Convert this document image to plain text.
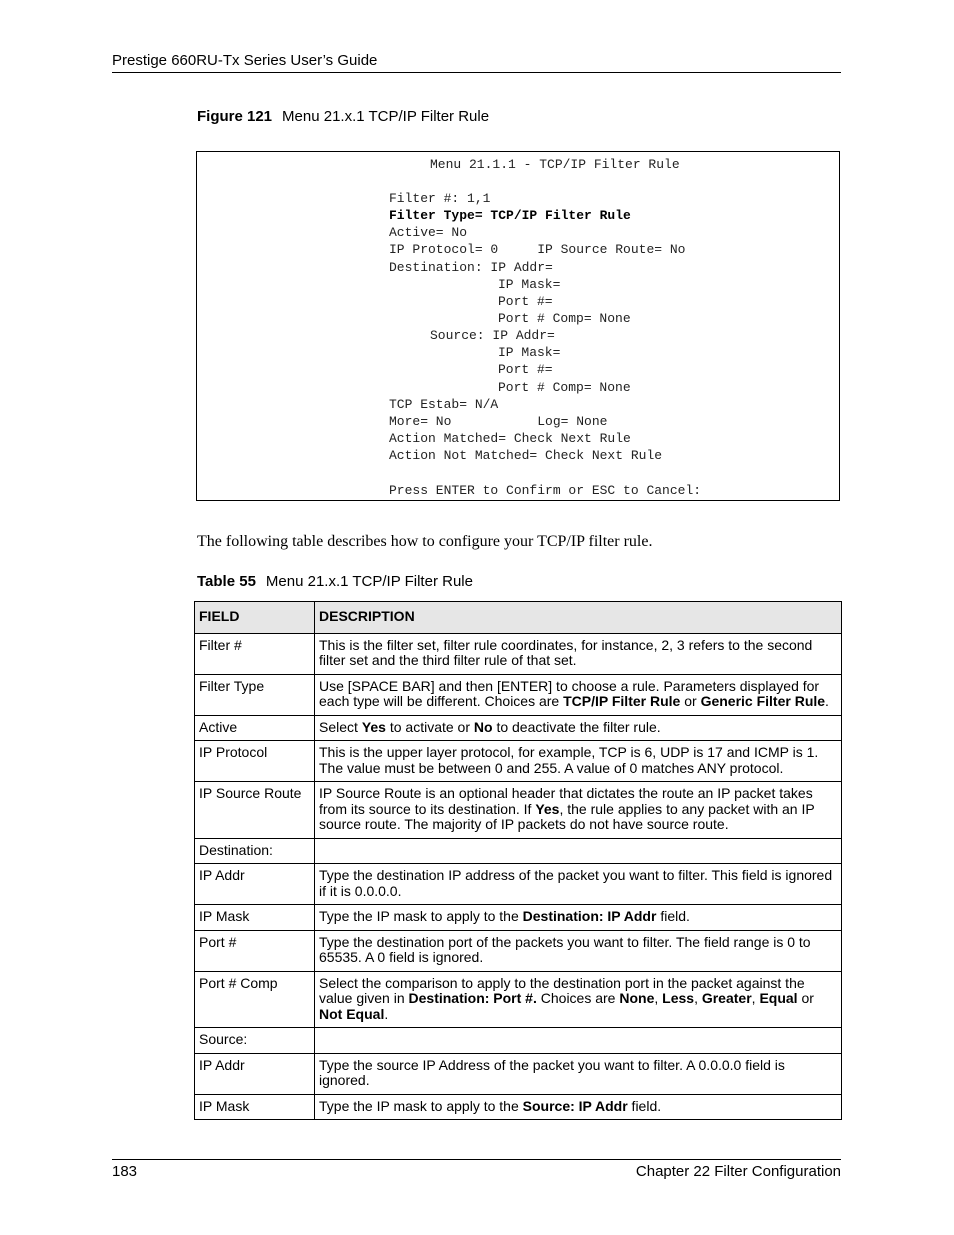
Prestige 660RU-Tx Series User’s Guide
Figure 121 Menu 21.x.1 TCP/IP Filter Rule
Menu 21.1.1 - TCP/IP Filter Rule
Filter #: 1,1
Filter Type= TCP/IP Filter Rule
Active= No
IP Protocol= 0     IP Source Route= No
Destination: IP Addr=
IP Mask=
Port #=
Port # Comp= None
Source: IP Addr=
IP Mask=
Port #=
Port # Comp= None
TCP Estab= N/A
More= No           Log= None
Action Matched= Check Next Rule
Action Not Matched= Check Next Rule
Press ENTER to Confirm or ESC to Cancel:
The following table describes how to configure your TCP/IP filter rule.
Table 55 Menu 21.x.1 TCP/IP Filter Rule
FIELD	DESCRIPTION
Filter #	This is the filter set, filter rule coordinates, for instance, 2, 3 refers to the second filter set and the third filter rule of that set.
Filter Type	Use [SPACE BAR] and then [ENTER] to choose a rule. Parameters displayed for each type will be different. Choices are TCP/IP Filter Rule or Generic Filter Rule.
Active	Select Yes to activate or No to deactivate the filter rule.
IP Protocol	This is the upper layer protocol, for example, TCP is 6, UDP is 17 and ICMP is 1. The value must be between 0 and 255. A value of 0 matches ANY protocol.
IP Source Route	IP Source Route is an optional header that dictates the route an IP packet takes from its source to its destination. If Yes, the rule applies to any packet with an IP source route. The majority of IP packets do not have source route.
Destination:	
IP Addr	Type the destination IP address of the packet you want to filter. This field is ignored if it is 0.0.0.0.
IP Mask	Type the IP mask to apply to the Destination: IP Addr field.
Port #	Type the destination port of the packets you want to filter. The field range is 0 to 65535. A 0 field is ignored.
Port # Comp	Select the comparison to apply to the destination port in the packet against the value given in Destination: Port #. Choices are None, Less, Greater, Equal or Not Equal.
Source:	
IP Addr	Type the source IP Address of the packet you want to filter. A 0.0.0.0 field is ignored.
IP Mask	Type the IP mask to apply to the Source: IP Addr field.
183	Chapter 22 Filter Configuration
